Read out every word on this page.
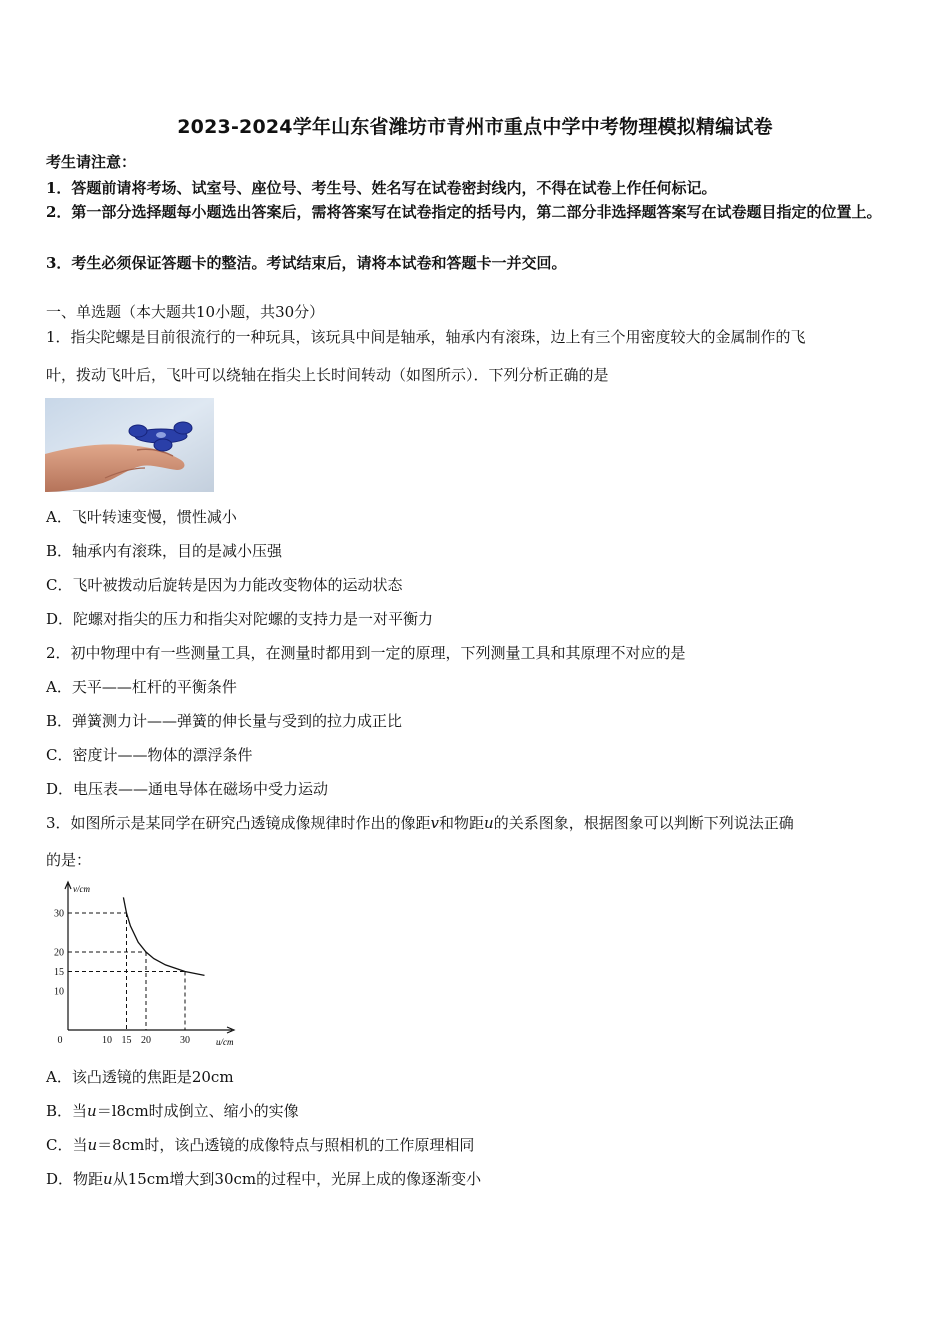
2023-2024学年山东省潍坊市青州市重点中学中考物理模拟精编试卷
考生请注意：
1．答题前请将考场、试室号、座位号、考生号、姓名写在试卷密封线内，不得在试卷上作任何标记。
2．第一部分选择题每小题选出答案后，需将答案写在试卷指定的括号内，第二部分非选择题答案写在试卷题目指定的位置上。
3．考生必须保证答题卡的整洁。考试结束后，请将本试卷和答题卡一并交回。
一、单选题（本大题共10小题，共30分）
1．指尖陀螺是目前很流行的一种玩具，该玩具中间是轴承，轴承内有滚珠，边上有三个用密度较大的金属制作的飞
叶，拨动飞叶后，飞叶可以绕轴在指尖上长时间转动（如图所示）．下列分析正确的是
A．飞叶转速变慢，惯性减小
B．轴承内有滚珠，目的是减小压强
C．飞叶被拨动后旋转是因为力能改变物体的运动状态
D．陀螺对指尖的压力和指尖对陀螺的支持力是一对平衡力
2．初中物理中有一些测量工具，在测量时都用到一定的原理，下列测量工具和其原理不对应的是
A．天平——杠杆的平衡条件
B．弹簧测力计——弹簧的伸长量与受到的拉力成正比
C．密度计——物体的漂浮条件
D．电压表——通电导体在磁场中受力运动
3．如图所示是某同学在研究凸透镜成像规律时作出的像距v和物距u的关系图象，根据图象可以判断下列说法正确
的是：
0	10 15 20	30
10
15
20
30
v/cm
u/cm
A．该凸透镜的焦距是20cm
B．当u＝l8cm时成倒立、缩小的实像
C．当u＝8cm时，该凸透镜的成像特点与照相机的工作原理相同
D．物距u从15cm增大到30cm的过程中，光屏上成的像逐渐变小
